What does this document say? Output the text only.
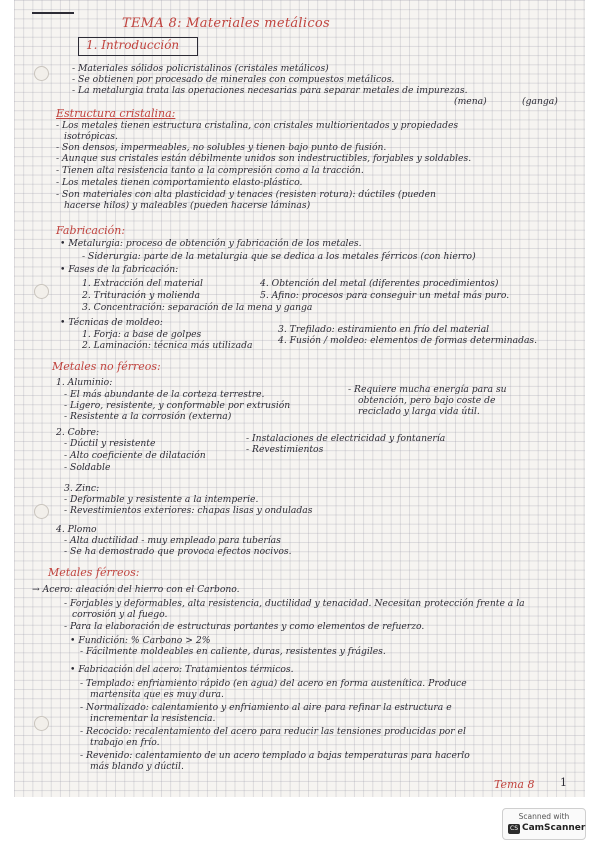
TEMA 8: Materiales metálicos
1. Introducción
- Materiales sólidos policristalinos (cristales metálicos)
- Se obtienen por procesado de minerales con compuestos metálicos.
- La metalurgia trata las operaciones necesarias para separar metales de impurezas.
(mena)	(ganga)
Estructura cristalina:
- Los metales tienen estructura cristalina, con cristales multiorientados y propiedades
isotrópicas.
- Son densos, impermeables, no solubles y tienen bajo punto de fusión.
- Aunque sus cristales están débilmente unidos son indestructibles, forjables y soldables.
- Tienen alta resistencia tanto a la compresión como a la tracción.
- Los metales tienen comportamiento elasto-plástico.
- Son materiales con alta plasticidad y tenaces (resisten rotura): dúctiles (pueden
hacerse hilos) y maleables (pueden hacerse láminas)
Fabricación:
• Metalurgia: proceso de obtención y fabricación de los metales.
- Siderurgia: parte de la metalurgia que se dedica a los metales férricos (con hierro)
• Fases de la fabricación:
1. Extracción del material
2. Trituración y molienda
3. Concentración: separación de la mena y ganga
4. Obtención del metal (diferentes procedimientos)
5. Afino: procesos para conseguir un metal más puro.
• Técnicas de moldeo:
1. Forja: a base de golpes
2. Laminación: técnica más utilizada
3. Trefilado: estiramiento en frío del material
4. Fusión / moldeo: elementos de formas determinadas.
Metales no férreos:
1. Aluminio:
- El más abundante de la corteza terrestre.
- Ligero, resistente, y conformable por extrusión
- Resistente a la corrosión (externa)
- Requiere mucha energía para su
obtención, pero bajo coste de
reciclado y larga vida útil.
2. Cobre:
- Dúctil y resistente
- Alto coeficiente de dilatación
- Soldable
- Instalaciones de electricidad y fontanería
- Revestimientos
3. Zinc:
- Deformable y resistente a la intemperie.
- Revestimientos exteriores: chapas lisas y onduladas
4. Plomo
- Alta ductilidad - muy empleado para tuberías
- Se ha demostrado que provoca efectos nocivos.
Metales férreos:
→ Acero: aleación del hierro con el Carbono.
- Forjables y deformables, alta resistencia, ductilidad y tenacidad. Necesitan protección frente a la
corrosión y al fuego.
- Para la elaboración de estructuras portantes y como elementos de refuerzo.
• Fundición: % Carbono > 2%
- Fácilmente moldeables en caliente, duras, resistentes y frágiles.
• Fabricación del acero: Tratamientos térmicos.
- Templado: enfriamiento rápido (en agua) del acero en forma austenítica. Produce
martensita que es muy dura.
- Normalizado: calentamiento y enfriamiento al aire para refinar la estructura e
incrementar la resistencia.
- Recocido: recalentamiento del acero para reducir las tensiones producidas por el
trabajo en frío.
- Revenido: calentamiento de un acero templado a bajas temperaturas para hacerlo
más blando y dúctil.
Tema 8 1
Scanned with
CS CamScanner
